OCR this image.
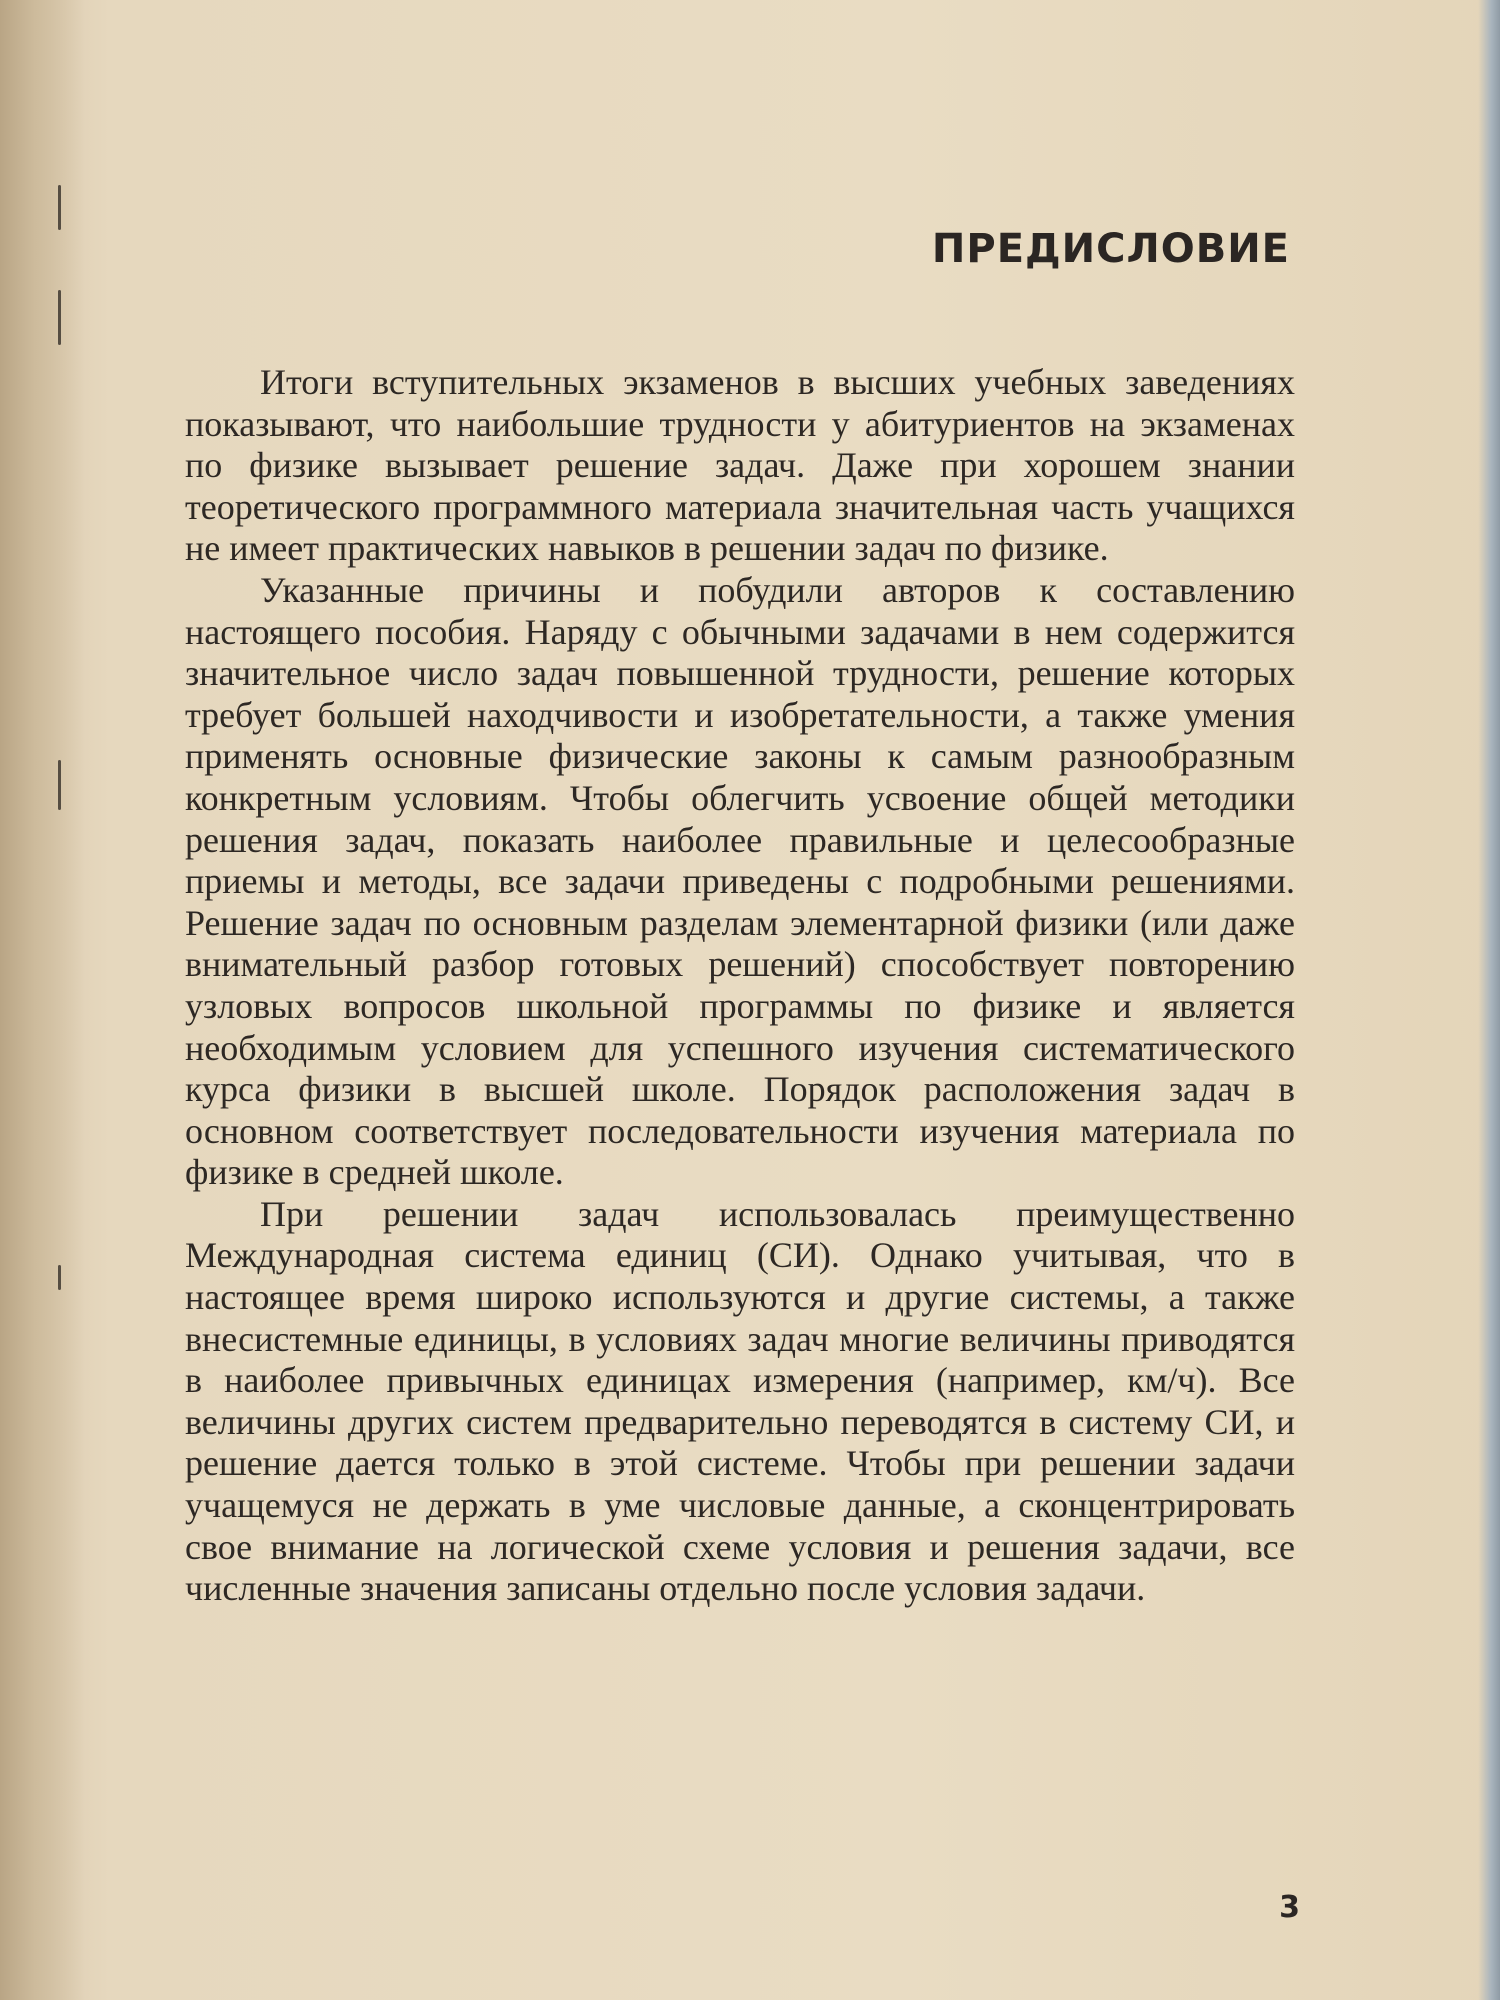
ПРЕДИСЛОВИЕ

Итоги вступительных экзаменов в высших учебных заведениях показывают, что наибольшие трудности у абитуриентов на экзаменах по физике вызывает решение задач. Даже при хорошем знании теоретического программного материала значительная часть учащихся не имеет практических навыков в решении задач по физике.

Указанные причины и побудили авторов к составлению настоящего пособия. Наряду с обычными задачами в нем содержится значительное число задач повышенной трудности, решение которых требует большей находчивости и изобретательности, а также умения применять основные физические законы к самым разнообразным конкретным условиям. Чтобы облегчить усвоение общей методики решения задач, показать наиболее правильные и целесообразные приемы и методы, все задачи приведены с подробными решениями. Решение задач по основным разделам элементарной физики (или даже внимательный разбор готовых решений) способствует повторению узловых вопросов школьной программы по физике и является необходимым условием для успешного изучения систематического курса физики в высшей школе. Порядок расположения задач в основном соответствует последовательности изучения материала по физике в средней школе.

При решении задач использовалась преимущественно Международная система единиц (СИ). Однако учитывая, что в настоящее время широко используются и другие системы, а также внесистемные единицы, в условиях задач многие величины приводятся в наиболее привычных единицах измерения (например, км/ч). Все величины других систем предварительно переводятся в систему СИ, и решение дается только в этой системе. Чтобы при решении задачи учащемуся не держать в уме числовые данные, а сконцентрировать свое внимание на логической схеме условия и решения задачи, все численные значения записаны отдельно после условия задачи.

3
